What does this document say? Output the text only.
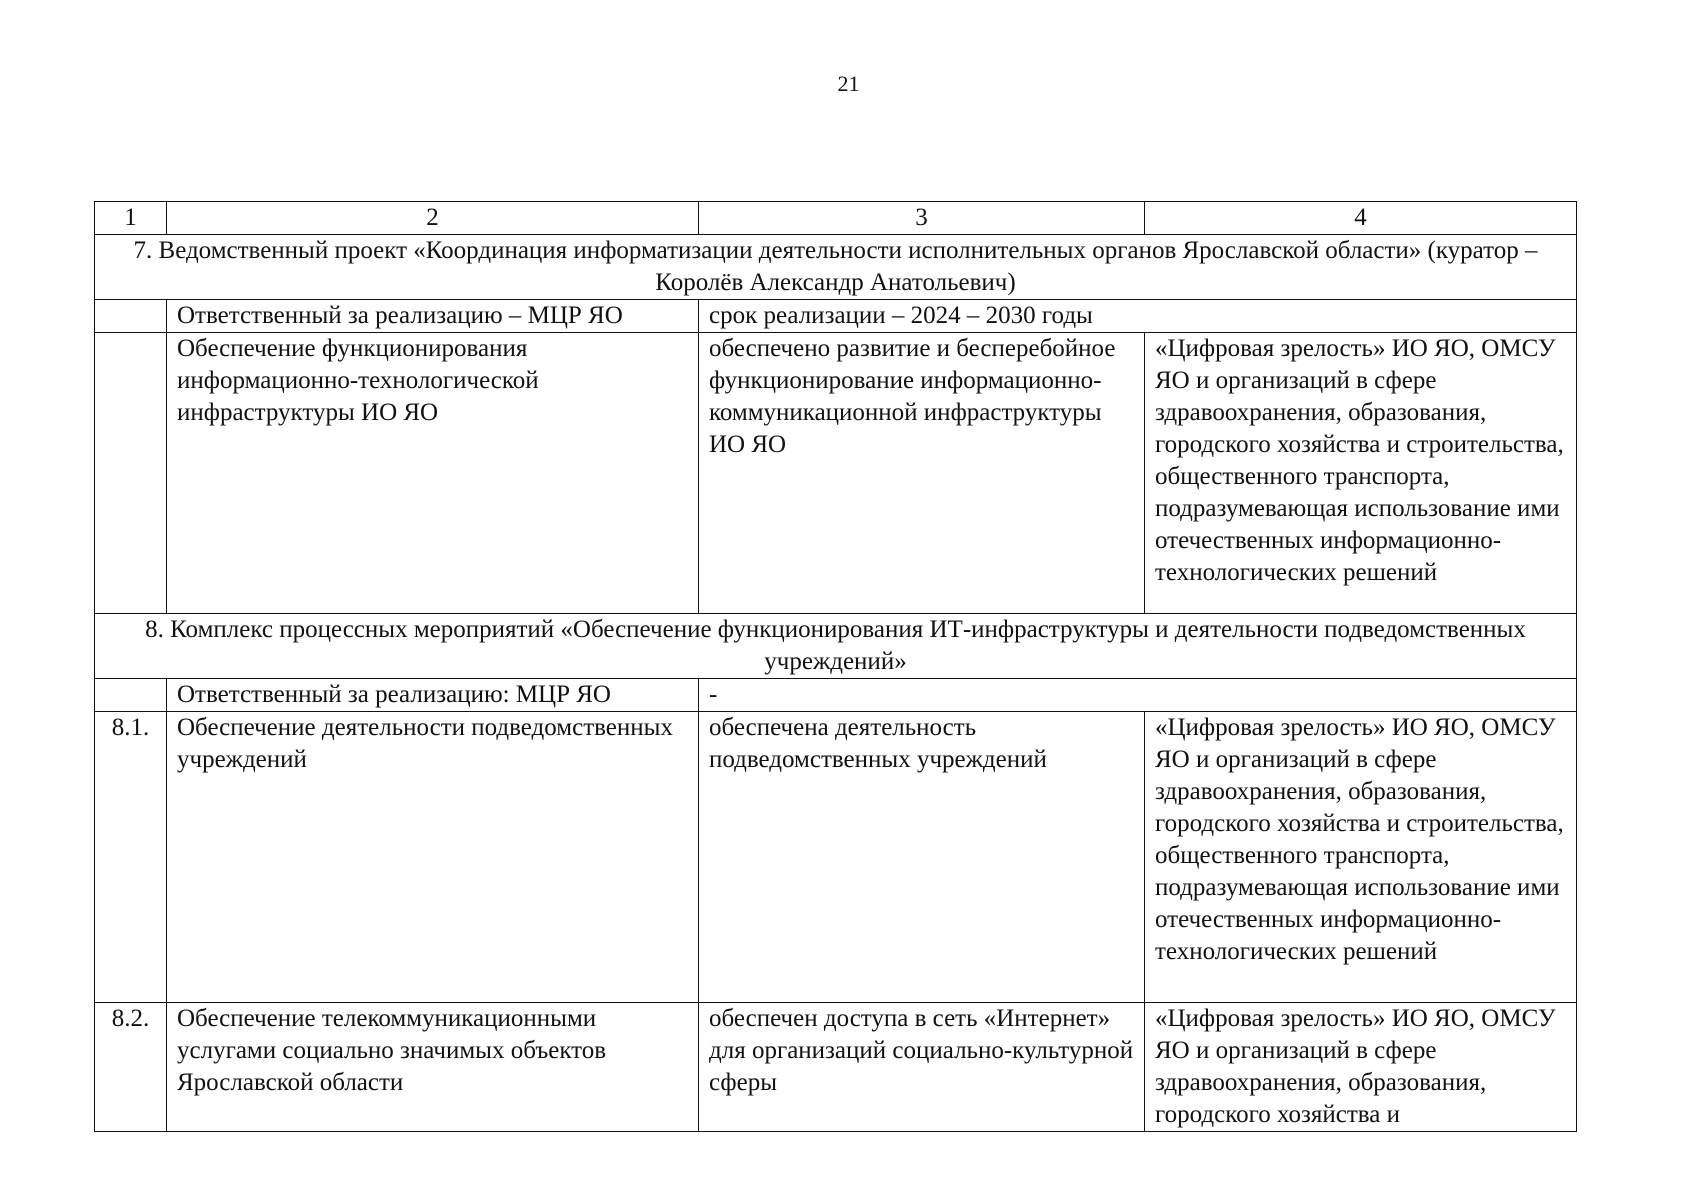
21
1	2	3	4
7. Ведомственный проект «Координация информатизации деятельности исполнительных органов Ярославской области» (куратор – Королёв Александр Анатольевич)			
	Ответственный за реализацию – МЦР ЯО	срок реализации – 2024 – 2030 годы	
	Обеспечение функционирования информационно-технологической инфраструктуры ИО ЯО	обеспечено развитие и бесперебойное функционирование информационно-коммуникационной инфраструктуры ИО ЯО	«Цифровая зрелость» ИО ЯО, ОМСУ ЯО и организаций в сфере здравоохранения, образования, городского хозяйства и строительства, общественного транспорта, подразумевающая использование ими отечественных информационно-технологических решений
8. Комплекс процессных мероприятий «Обеспечение функционирования ИТ-инфраструктуры и деятельности подведомственных учреждений»			
	Ответственный за реализацию: МЦР ЯО	-	
8.1.	Обеспечение деятельности подведомственных учреждений	обеспечена деятельность подведомственных учреждений	«Цифровая зрелость» ИО ЯО, ОМСУ ЯО и организаций в сфере здравоохранения, образования, городского хозяйства и строительства, общественного транспорта, подразумевающая использование ими отечественных информационно-технологических решений
8.2.	Обеспечение телекоммуникационными услугами социально значимых объектов Ярославской области	обеспечен доступа в сеть «Интернет» для организаций социально-культурной сферы	«Цифровая зрелость» ИО ЯО, ОМСУ ЯО и организаций в сфере здравоохранения, образования, городского хозяйства и
